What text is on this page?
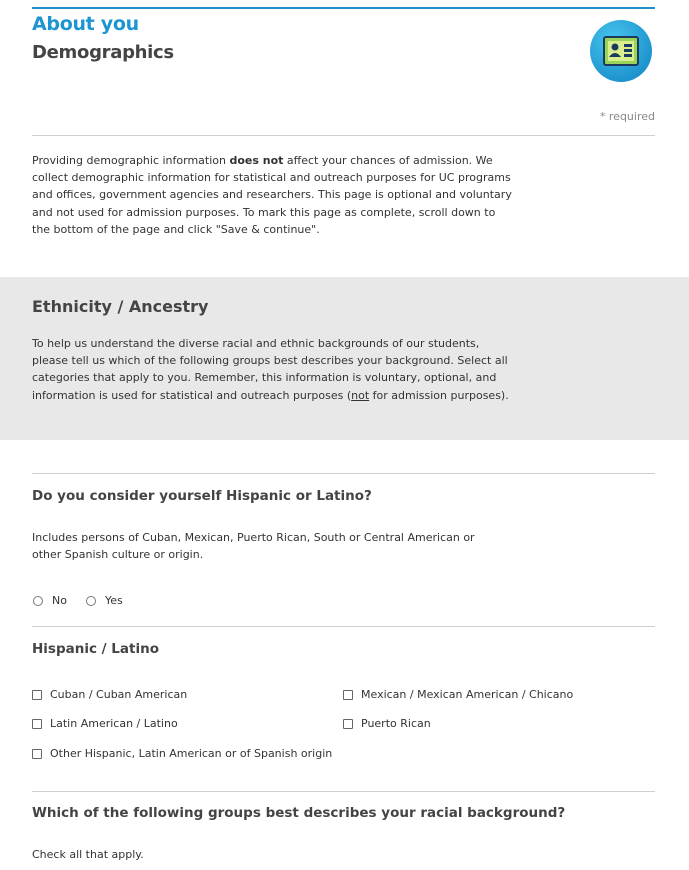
About you
Demographics
* required
Providing demographic information does not affect your chances of admission. We collect demographic information for statistical and outreach purposes for UC programs and offices, government agencies and researchers. This page is optional and voluntary and not used for admission purposes. To mark this page as complete, scroll down to the bottom of the page and click "Save & continue".
Ethnicity / Ancestry

To help us understand the diverse racial and ethnic backgrounds of our students, please tell us which of the following groups best describes your background. Select all categories that apply to you. Remember, this information is voluntary, optional, and information is used for statistical and outreach purposes (not for admission purposes).

Do you consider yourself Hispanic or Latino?
Includes persons of Cuban, Mexican, Puerto Rican, South or Central American or other Spanish culture or origin.
No	Yes
Hispanic / Latino
Cuban / Cuban American	Mexican / Mexican American / Chicano
Latin American / Latino	Puerto Rican
Other Hispanic, Latin American or of Spanish origin
Which of the following groups best describes your racial background?
Check all that apply.
